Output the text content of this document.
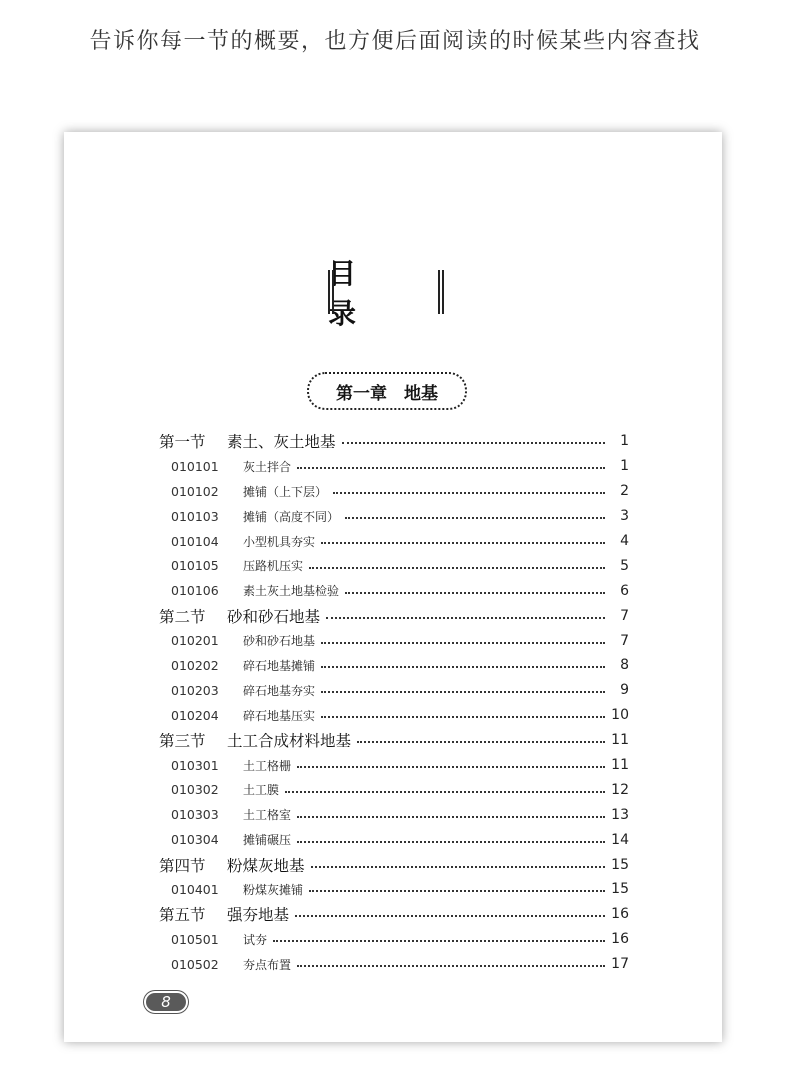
告诉你每一节的概要，也方便后面阅读的时候某些内容查找
目　录
第一章　地基
第一节	素土、灰土地基	1
010101	灰土拌合	1
010102	摊铺（上下层）	2
010103	摊铺（高度不同）	3
010104	小型机具夯实	4
010105	压路机压实	5
010106	素土灰土地基检验	6
第二节	砂和砂石地基	7
010201	砂和砂石地基	7
010202	碎石地基摊铺	8
010203	碎石地基夯实	9
010204	碎石地基压实	10
第三节	土工合成材料地基	11
010301	土工格栅	11
010302	土工膜	12
010303	土工格室	13
010304	摊铺碾压	14
第四节	粉煤灰地基	15
010401	粉煤灰摊铺	15
第五节	强夯地基	16
010501	试夯	16
010502	夯点布置	17
8
